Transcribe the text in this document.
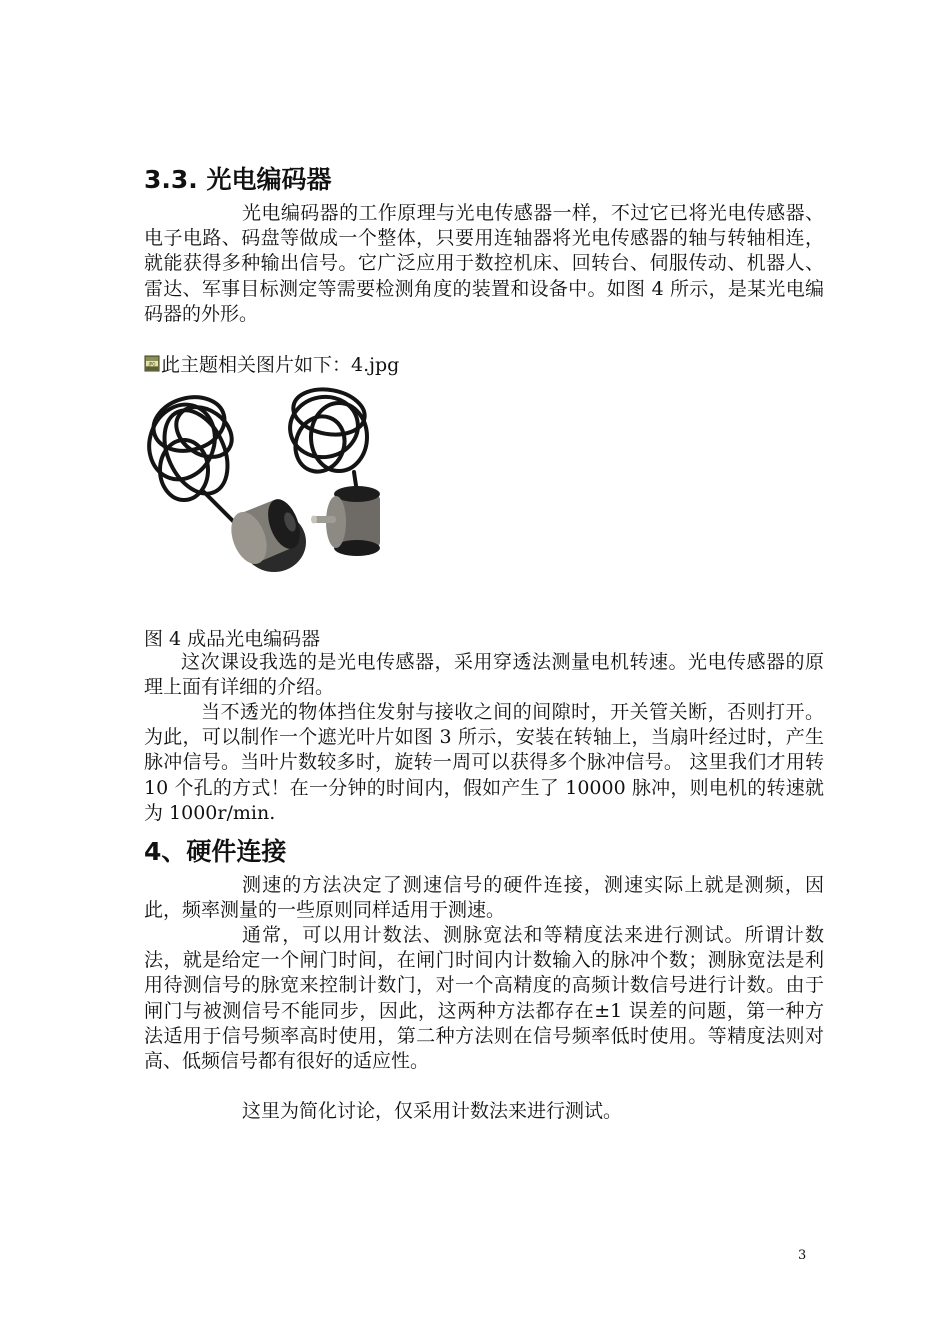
3.3. 光电编码器

光电编码器的工作原理与光电传感器一样，不过它已将光电传感器、电子电路、码盘等做成一个整体，只要用连轴器将光电传感器的轴与转轴相连，就能获得多种输出信号。它广泛应用于数控机床、回转台、伺服传动、机器人、雷达、军事目标测定等需要检测角度的装置和设备中。如图 4 所示，是某光电编码器的外形。

JPG 此主题相关图片如下：4.jpg
图 4 成品光电编码器

这次课设我选的是光电传感器，采用穿透法测量电机转速。光电传感器的原理上面有详细的介绍。

当不透光的物体挡住发射与接收之间的间隙时，开关管关断，否则打开。为此，可以制作一个遮光叶片如图 3 所示，安装在转轴上，当扇叶经过时，产生脉冲信号。当叶片数较多时，旋转一周可以获得多个脉冲信号。 这里我们才用转 10 个孔的方式！在一分钟的时间内，假如产生了 10000 脉冲，则电机的转速就为 1000r/min.

4、硬件连接

测速的方法决定了测速信号的硬件连接，测速实际上就是测频，因此，频率测量的一些原则同样适用于测速。

通常，可以用计数法、测脉宽法和等精度法来进行测试。所谓计数法，就是给定一个闸门时间，在闸门时间内计数输入的脉冲个数；测脉宽法是利用待测信号的脉宽来控制计数门，对一个高精度的高频计数信号进行计数。由于闸门与被测信号不能同步，因此，这两种方法都存在±1 误差的问题，第一种方法适用于信号频率高时使用，第二种方法则在信号频率低时使用。等精度法则对高、低频信号都有很好的适应性。

这里为简化讨论，仅采用计数法来进行测试。

3
